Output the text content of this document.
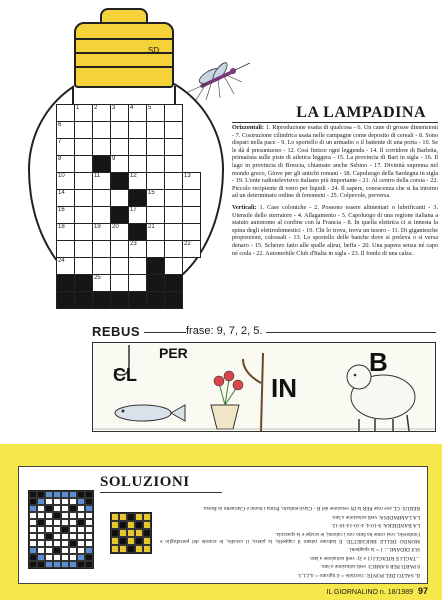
SD
1 2 3 4 5
6
7
8	9
10	11	12
14	15
16	17
18	19 20	21
23
24
25
13
22
LA LAMPADINA

Orizzontali: 1. Riproduzione esatta di qualcosa - 6. Un cane di grosse dimensioni - 7. Costruzione cilindrica usata nelle campagne come deposito di cereali - 8. Sono dispari nella pace - 9. Lo sportello di un armadio o il battente di una porta - 10. Se le dà il presuntuoso - 12. Così finisce ogni leggenda - 14. Il corridore di Barletta, primatista sulle piste di atletica leggera - 15. La provincia di Bari in sigla - 16. Il lago in provincia di Brescia, chiamato anche Sebino - 17. Divinità suprema nel mondo greco, Giove per gli antichi romani - 18. Capoluogo della Sardegna in sigla - 19. L'ente radiotelevisivo italiano più importante - 21. Al centro della corsia - 22. Piccolo recipiente di vetro per liquidi - 24. Il sapere, conoscenza che si ha intorno ad un determinato ordine di fenomeni - 25. Colpevole, perversa.

Verticali: 1. Case coloniche - 2. Possono essere alimentari o lubrificanti - 3. Utensile dello sterratore - 4. Allagamento - 5. Capoluogo di una regione italiana a statuto autonomo al confine con la Francia - 8. In quella elettrica ci si innesta la spina degli elettrodomestici - 10. Chi lo trova, trova un tesoro - 11. Di giganteschе proporzioni, colossali - 13. Lo sportello delle banche dove si preleva o si versa denaro - 15. Scherzo fatto alle spalle altrui, beffa - 20. Una papera senza né capo né coda - 22. Automobile Club d'Italia in sigla - 23. Il fondo di una calza.

REBUS	frase: 9, 7, 2, 5.
CL
PER
IN
B
SOLUZIONI

IL SALTO DEL PONTE: l'orribile = il tigrotto = 4,2,1,3.

8 PARTI PER 8 AMICI: vedi soluzione a lato.

...TAGLI E RITAGLI (1 e 2): vedi soluzione a lato.

SUI DIDAMI...: 1 = la spaghetti.

MONDO DELLE BRIGHETTE: Il ladrone rubato il cappello, la pietra, il cavallo, le scatole del portafoglio e l'ombrello, così come ha fatto con i calzoni, le scarpe e la spazzola.

LA BANDIERA: 8-10-4, 4-10-14-16-12.

LA LAMPADINA: vedi soluzione a lato.

REBUS: CL ave rose PER la IN venzione del B - Clavicembalo, Prima i buoni e Clarinetto in Borsa.

IL GIORNALINO n. 18/1989 97
